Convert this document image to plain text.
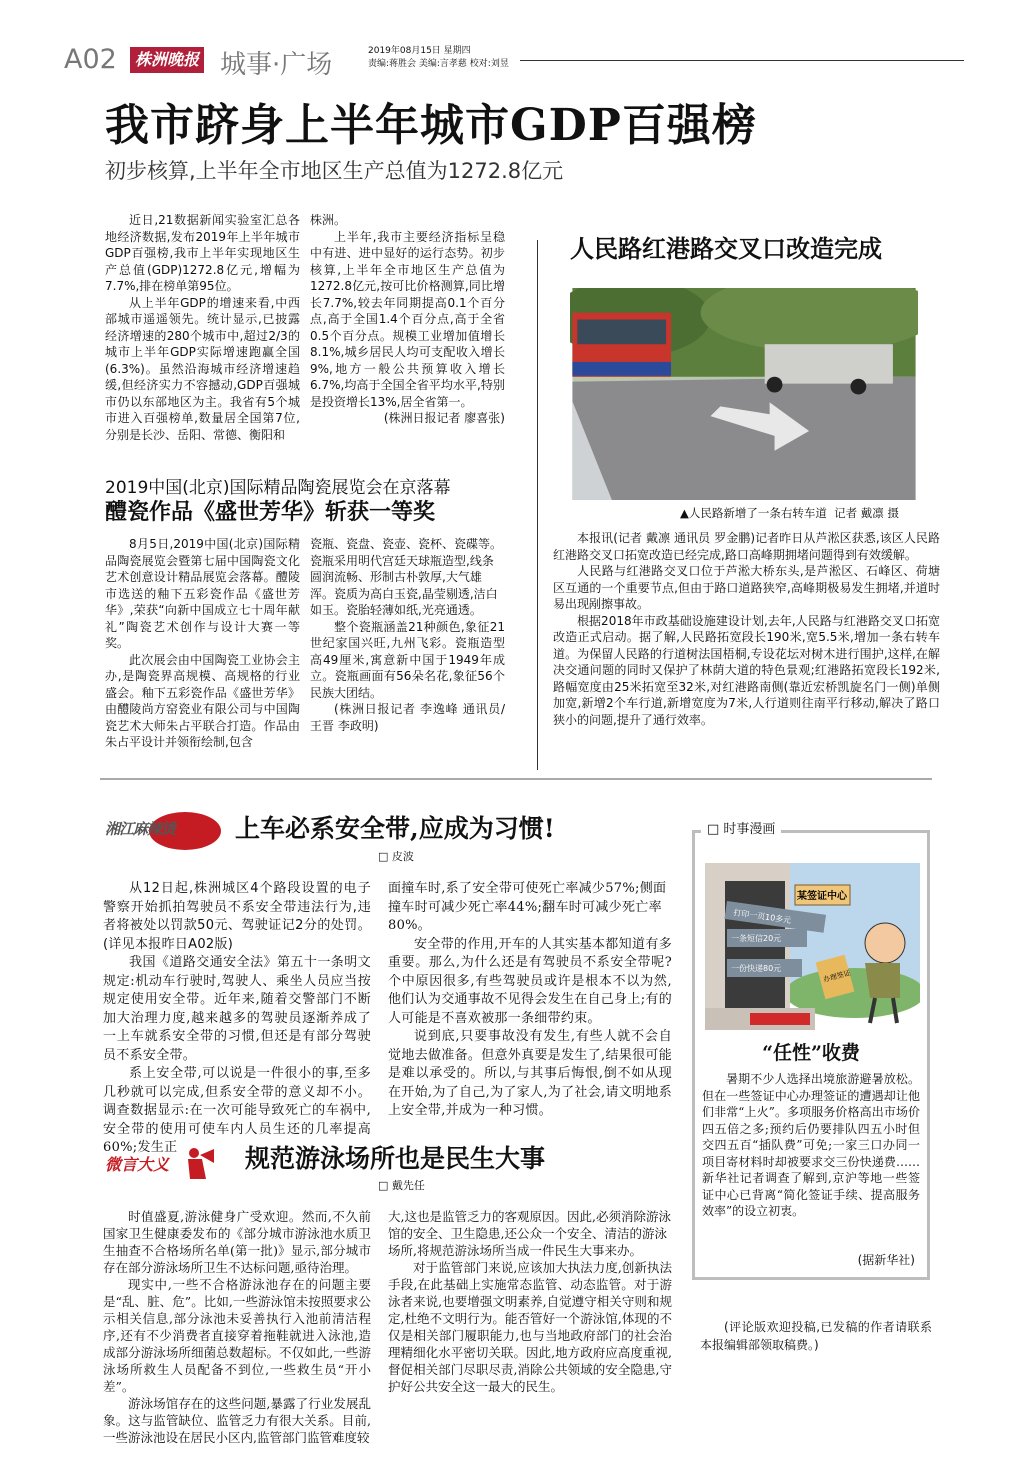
A02	株洲晚报 城事·广场	2019年08月15日 星期四
责编:蒋胜会 美编:言孝慈 校对:刘昱
我市跻身上半年城市GDP百强榜
初步核算,上半年全市地区生产总值为1272.8亿元

近日,21数据新闻实验室汇总各地经济数据,发布2019年上半年城市GDP百强榜,我市上半年实现地区生产总值(GDP)1272.8亿元,增幅为7.7%,排在榜单第95位。

从上半年GDP的增速来看,中西部城市遥遥领先。统计显示,已披露经济增速的280个城市中,超过2/3的城市上半年GDP实际增速跑赢全国(6.3%)。虽然沿海城市经济增速趋缓,但经济实力不容撼动,GDP百强城市仍以东部地区为主。我省有5个城市进入百强榜单,数量居全国第7位,分别是长沙、岳阳、常德、衡阳和

株洲。

上半年,我市主要经济指标呈稳中有进、进中显好的运行态势。初步核算,上半年全市地区生产总值为1272.8亿元,按可比价格测算,同比增长7.7%,较去年同期提高0.1个百分点,高于全国1.4个百分点,高于全省0.5个百分点。规模工业增加值增长8.1%,城乡居民人均可支配收入增长9%,地方一般公共预算收入增长6.7%,均高于全国全省平均水平,特别是投资增长13%,居全省第一。

(株洲日报记者 廖喜张)

人民路红港路交叉口改造完成
▲人民路新增了一条右转车道  记者 戴凛 摄

本报讯(记者 戴凛 通讯员 罗金鹏)记者昨日从芦淞区获悉,该区人民路红港路交叉口拓宽改造已经完成,路口高峰期拥堵问题得到有效缓解。

人民路与红港路交叉口位于芦淞大桥东头,是芦淞区、石峰区、荷塘区互通的一个重要节点,但由于路口道路狭窄,高峰期极易发生拥堵,并道时易出现剐擦事故。

根据2018年市政基础设施建设计划,去年,人民路与红港路交叉口拓宽改造正式启动。据了解,人民路拓宽段长190米,宽5.5米,增加一条右转车道。为保留人民路的行道树法国梧桐,专设花坛对树木进行围护,这样,在解决交通问题的同时又保护了林荫大道的特色景观;红港路拓宽段长192米,路幅宽度由25米拓宽至32米,对红港路南侧(靠近宏桥凯旋名门一侧)单侧加宽,新增2个车行道,新增宽度为7米,人行道则往南平行移动,解决了路口狭小的问题,提升了通行效率。

2019中国(北京)国际精品陶瓷展览会在京落幕
醴瓷作品《盛世芳华》斩获一等奖

8月5日,2019中国(北京)国际精品陶瓷展览会暨第七届中国陶瓷文化艺术创意设计精品展览会落幕。醴陵市选送的釉下五彩瓷作品《盛世芳华》,荣获“向新中国成立七十周年献礼”陶瓷艺术创作与设计大赛一等奖。

此次展会由中国陶瓷工业协会主办,是陶瓷界高规模、高规格的行业盛会。釉下五彩瓷作品《盛世芳华》由醴陵尚方窑瓷业有限公司与中国陶瓷艺术大师朱占平联合打造。作品由朱占平设计并领衔绘制,包含

瓷瓶、瓷盘、瓷壶、瓷杯、瓷碟等。瓷瓶采用明代宫廷天球瓶造型,线条圆润流畅、形制古朴敦厚,大气雄浑。瓷质为高白玉瓷,晶莹剔透,洁白如玉。瓷胎轻薄如纸,光亮通透。

整个瓷瓶涵盖21种颜色,象征21世纪家国兴旺,九州飞彩。瓷瓶造型高49厘米,寓意新中国于1949年成立。瓷瓶画面有56朵名花,象征56个民族大团结。

(株洲日报记者 李逸峰 通讯员/王晋 李政明)

湘江麻辣烫 上车必系安全带,应成为习惯!
□ 皮波

从12日起,株洲城区4个路段设置的电子警察开始抓拍驾驶员不系安全带违法行为,违者将被处以罚款50元、驾驶证记2分的处罚。(详见本报昨日A02版)

我国《道路交通安全法》第五十一条明文规定:机动车行驶时,驾驶人、乘坐人员应当按规定使用安全带。近年来,随着交警部门不断加大治理力度,越来越多的驾驶员逐渐养成了一上车就系安全带的习惯,但还是有部分驾驶员不系安全带。

系上安全带,可以说是一件很小的事,至多几秒就可以完成,但系安全带的意义却不小。调查数据显示:在一次可能导致死亡的车祸中,安全带的使用可使车内人员生还的几率提高60%;发生正

面撞车时,系了安全带可使死亡率减少57%;侧面撞车时可减少死亡率44%;翻车时可减少死亡率80%。

安全带的作用,开车的人其实基本都知道有多重要。那么,为什么还是有驾驶员不系安全带呢?个中原因很多,有些驾驶员或许是根本不以为然,他们认为交通事故不见得会发生在自己身上;有的人可能是不喜欢被那一条细带约束。

说到底,只要事故没有发生,有些人就不会自觉地去做准备。但意外真要是发生了,结果很可能是难以承受的。所以,与其事后悔恨,倒不如从现在开始,为了自己,为了家人,为了社会,请文明地系上安全带,并成为一种习惯。

微言大义	规范游泳场所也是民生大事
□ 戴先任

时值盛夏,游泳健身广受欢迎。然而,不久前国家卫生健康委发布的《部分城市游泳池水质卫生抽查不合格场所名单(第一批)》显示,部分城市存在部分游泳场所卫生不达标问题,亟待治理。

现实中,一些不合格游泳池存在的问题主要是“乱、脏、危”。比如,一些游泳馆未按照要求公示相关信息,部分泳池未妥善执行入池前清洁程序,还有不少消费者直接穿着拖鞋就进入泳池,造成部分游泳场所细菌总数超标。不仅如此,一些游泳场所救生人员配备不到位,一些救生员“开小差”。

游泳场馆存在的这些问题,暴露了行业发展乱象。这与监管缺位、监管乏力有很大关系。目前,一些游泳池设在居民小区内,监管部门监管难度较

大,这也是监管乏力的客观原因。因此,必须消除游泳馆的安全、卫生隐患,还公众一个安全、清洁的游泳场所,将规范游泳场所当成一件民生大事来办。

对于监管部门来说,应该加大执法力度,创新执法手段,在此基础上实施常态监管、动态监管。对于游泳者来说,也要增强文明素养,自觉遵守相关守则和规定,杜绝不文明行为。能否管好一个游泳馆,体现的不仅是相关部门履职能力,也与当地政府部门的社会治理精细化水平密切关联。因此,地方政府应高度重视,督促相关部门尽职尽责,消除公共领域的安全隐患,守护好公共安全这一最大的民生。

□ 时事漫画
某签证中心
打印一页10多元
一条短信20元
一份快递80元
办理签证
“任性”收费

暑期不少人选择出境旅游避暑放松。但在一些签证中心办理签证的遭遇却让他们非常“上火”。多项服务价格高出市场价四五倍之多;预约后仍要排队四五小时但交四五百“插队费”可免;一家三口办同一项目寄材料时却被要求交三份快递费……新华社记者调查了解到,京沪等地一些签证中心已背离“简化签证手续、提高服务效率”的设立初衷。

(据新华社)

(评论版欢迎投稿,已发稿的作者请联系本报编辑部领取稿费。)
